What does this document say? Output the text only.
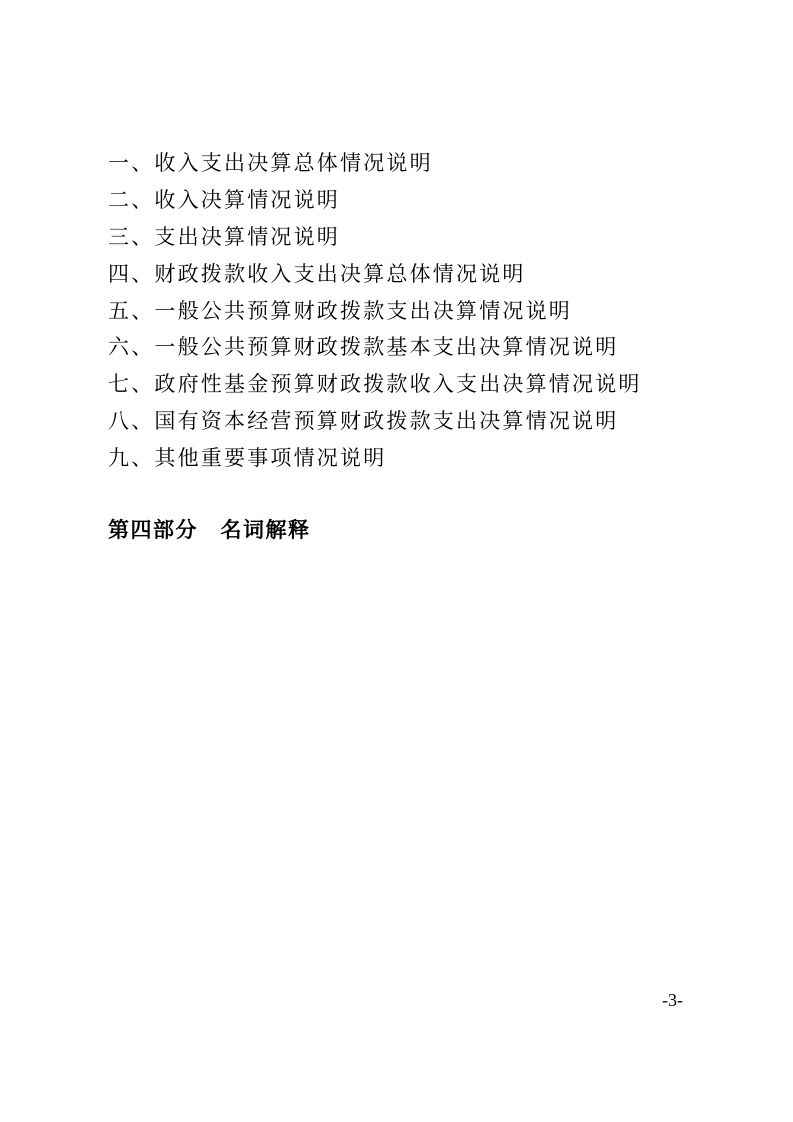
一、收入支出决算总体情况说明
二、收入决算情况说明
三、支出决算情况说明
四、财政拨款收入支出决算总体情况说明
五、一般公共预算财政拨款支出决算情况说明
六、一般公共预算财政拨款基本支出决算情况说明
七、政府性基金预算财政拨款收入支出决算情况说明
八、国有资本经营预算财政拨款支出决算情况说明
九、其他重要事项情况说明
第四部分　名词解释
-3-
